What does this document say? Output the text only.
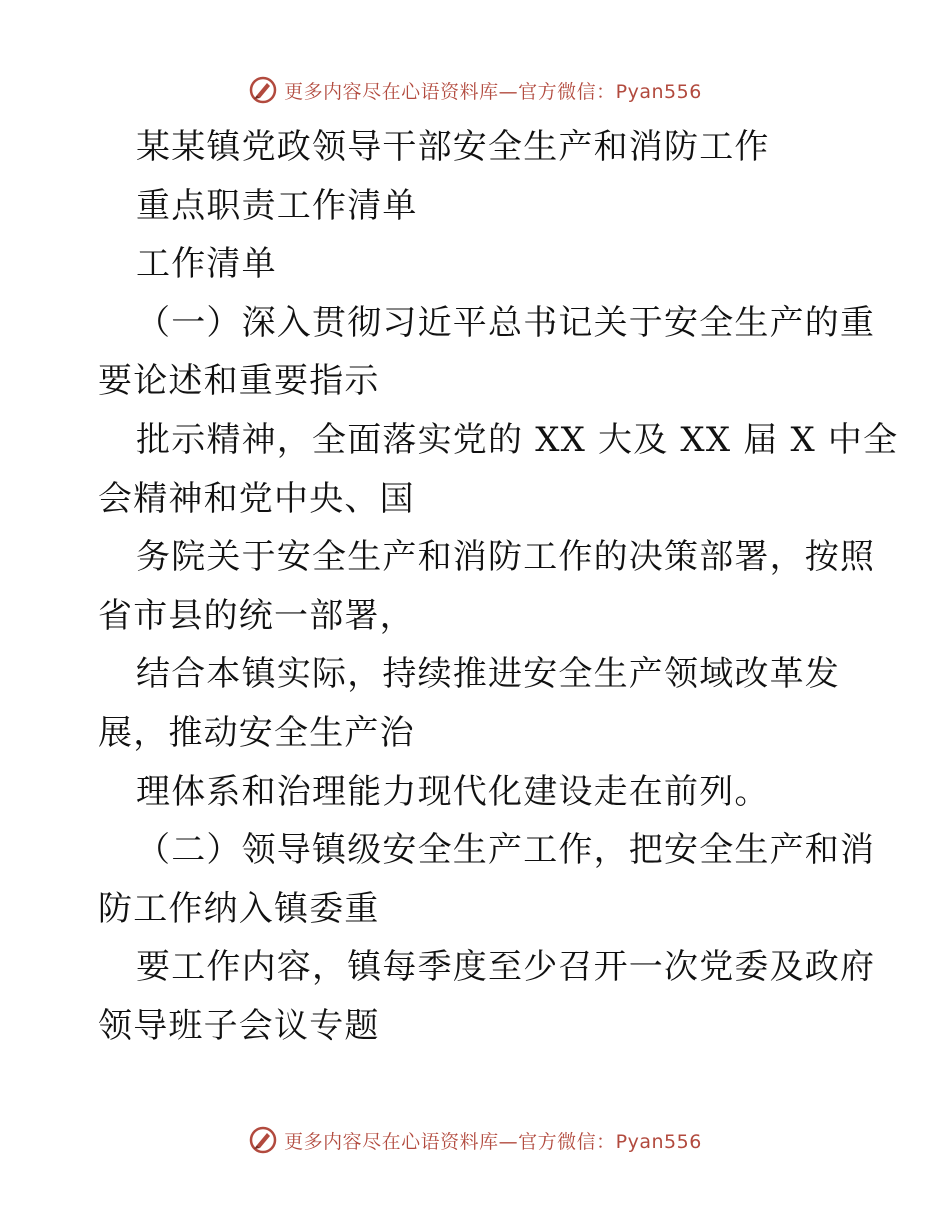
更多内容尽在心语资料库—官方微信：Pyan556
某某镇党政领导干部安全生产和消防工作
重点职责工作清单
工作清单
（一）深入贯彻习近平总书记关于安全生产的重
要论述和重要指示
批示精神，全面落实党的 XX 大及 XX 届 X 中全
会精神和党中央、国
务院关于安全生产和消防工作的决策部署，按照
省市县的统一部署，
结合本镇实际，持续推进安全生产领域改革发
展，推动安全生产治
理体系和治理能力现代化建设走在前列。
（二）领导镇级安全生产工作，把安全生产和消
防工作纳入镇委重
要工作内容，镇每季度至少召开一次党委及政府
领导班子会议专题
更多内容尽在心语资料库—官方微信：Pyan556
